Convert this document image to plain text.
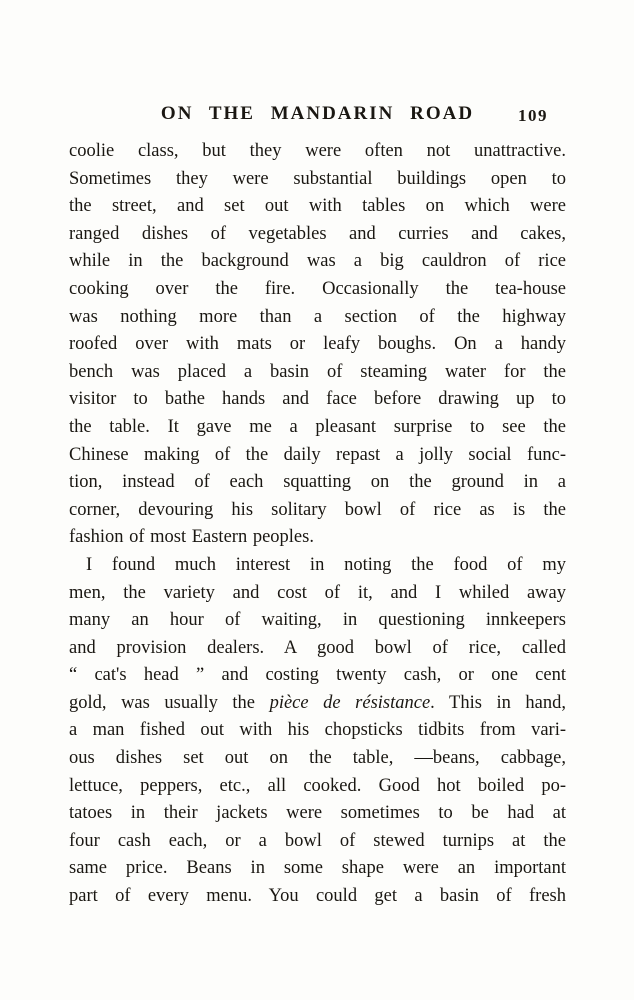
ON THE MANDARIN ROAD	109
coolie class, but they were often not unattractive.
Sometimes they were substantial buildings open to
the street, and set out with tables on which were
ranged dishes of vegetables and curries and cakes,
while in the background was a big cauldron of rice
cooking over the fire. Occasionally the tea-house
was nothing more than a section of the highway
roofed over with mats or leafy boughs. On a handy
bench was placed a basin of steaming water for the
visitor to bathe hands and face before drawing up to
the table. It gave me a pleasant surprise to see the
Chinese making of the daily repast a jolly social func-
tion, instead of each squatting on the ground in a
corner, devouring his solitary bowl of rice as is the
fashion of most Eastern peoples.
I found much interest in noting the food of my
men, the variety and cost of it, and I whiled away
many an hour of waiting, in questioning innkeepers
and provision dealers. A good bowl of rice, called
“ cat's head ” and costing twenty cash, or one cent
gold, was usually the pièce de résistance. This in hand,
a man fished out with his chopsticks tidbits from vari-
ous dishes set out on the table, —beans, cabbage,
lettuce, peppers, etc., all cooked. Good hot boiled po-
tatoes in their jackets were sometimes to be had at
four cash each, or a bowl of stewed turnips at the
same price. Beans in some shape were an important
part of every menu. You could get a basin of fresh
